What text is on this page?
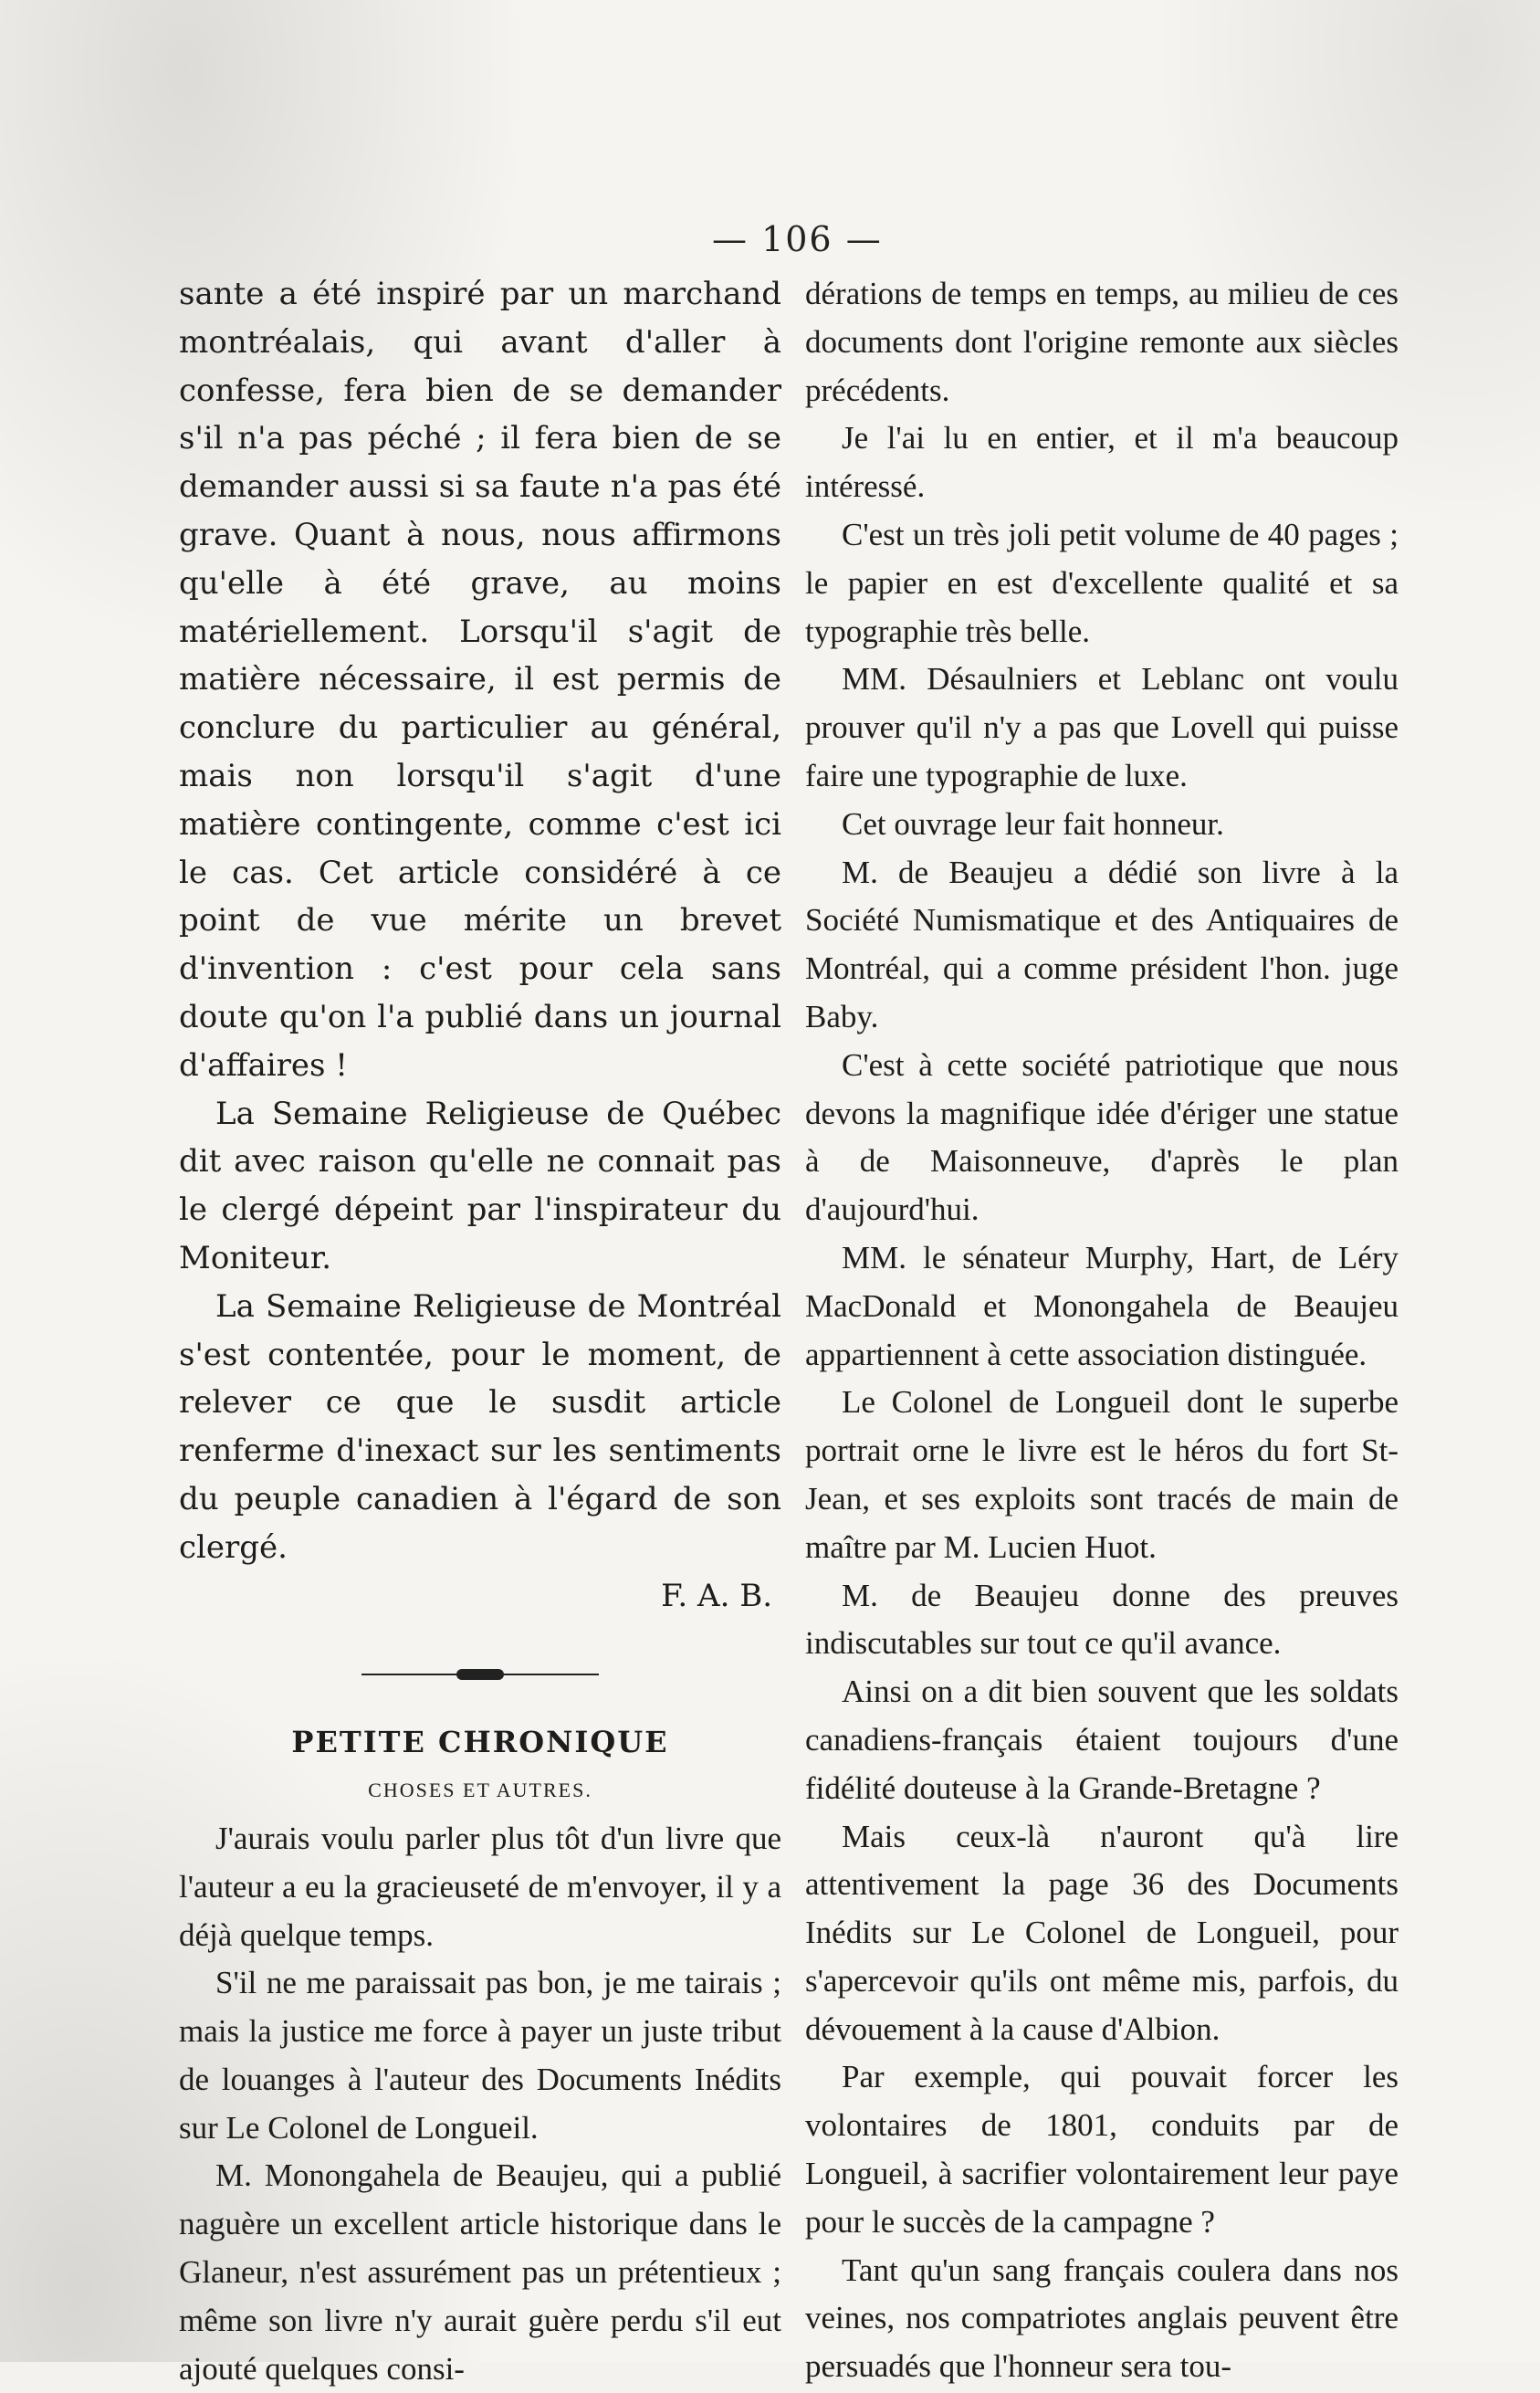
— 106 —

sante a été inspiré par un marchand montréalais, qui avant d'aller à confesse, fera bien de se demander s'il n'a pas péché ; il fera bien de se demander aussi si sa faute n'a pas été grave. Quant à nous, nous affirmons qu'elle à été grave, au moins matériellement. Lorsqu'il s'agit de matière nécessaire, il est permis de conclure du particulier au général, mais non lorsqu'il s'agit d'une matière contingente, comme c'est ici le cas. Cet article considéré à ce point de vue mérite un brevet d'invention : c'est pour cela sans doute qu'on l'a publié dans un journal d'affaires !

La Semaine Religieuse de Québec dit avec raison qu'elle ne connait pas le clergé dépeint par l'inspirateur du Moniteur.

La Semaine Religieuse de Montréal s'est contentée, pour le moment, de relever ce que le susdit article renferme d'inexact sur les sentiments du peuple canadien à l'égard de son clergé.

F. A. B.

PETITE CHRONIQUE

CHOSES ET AUTRES.

J'aurais voulu parler plus tôt d'un livre que l'auteur a eu la gracieuseté de m'envoyer, il y a déjà quelque temps.

S'il ne me paraissait pas bon, je me tairais ; mais la justice me force à payer un juste tribut de louanges à l'auteur des Documents Inédits sur Le Colonel de Longueil.

M. Monongahela de Beaujeu, qui a publié naguère un excellent article historique dans le Glaneur, n'est assurément pas un prétentieux ; même son livre n'y aurait guère perdu s'il eut ajouté quelques consi-

dérations de temps en temps, au milieu de ces documents dont l'origine remonte aux siècles précédents.

Je l'ai lu en entier, et il m'a beaucoup intéressé.

C'est un très joli petit volume de 40 pages ; le papier en est d'excellente qualité et sa typographie très belle.

MM. Désaulniers et Leblanc ont voulu prouver qu'il n'y a pas que Lovell qui puisse faire une typographie de luxe.

Cet ouvrage leur fait honneur.

M. de Beaujeu a dédié son livre à la Société Numismatique et des Antiquaires de Montréal, qui a comme président l'hon. juge Baby.

C'est à cette société patriotique que nous devons la magnifique idée d'ériger une statue à de Maisonneuve, d'après le plan d'aujourd'hui.

MM. le sénateur Murphy, Hart, de Léry MacDonald et Monongahela de Beaujeu appartiennent à cette association distinguée.

Le Colonel de Longueil dont le superbe portrait orne le livre est le héros du fort St-Jean, et ses exploits sont tracés de main de maître par M. Lucien Huot.

M. de Beaujeu donne des preuves indiscutables sur tout ce qu'il avance.

Ainsi on a dit bien souvent que les soldats canadiens-français étaient toujours d'une fidélité douteuse à la Grande-Bretagne ?

Mais ceux-là n'auront qu'à lire attentivement la page 36 des Documents Inédits sur Le Colonel de Longueil, pour s'apercevoir qu'ils ont même mis, parfois, du dévouement à la cause d'Albion.

Par exemple, qui pouvait forcer les volontaires de 1801, conduits par de Longueil, à sacrifier volontairement leur paye pour le succès de la campagne ?

Tant qu'un sang français coulera dans nos veines, nos compatriotes anglais peuvent être persuadés que l'honneur sera tou-
